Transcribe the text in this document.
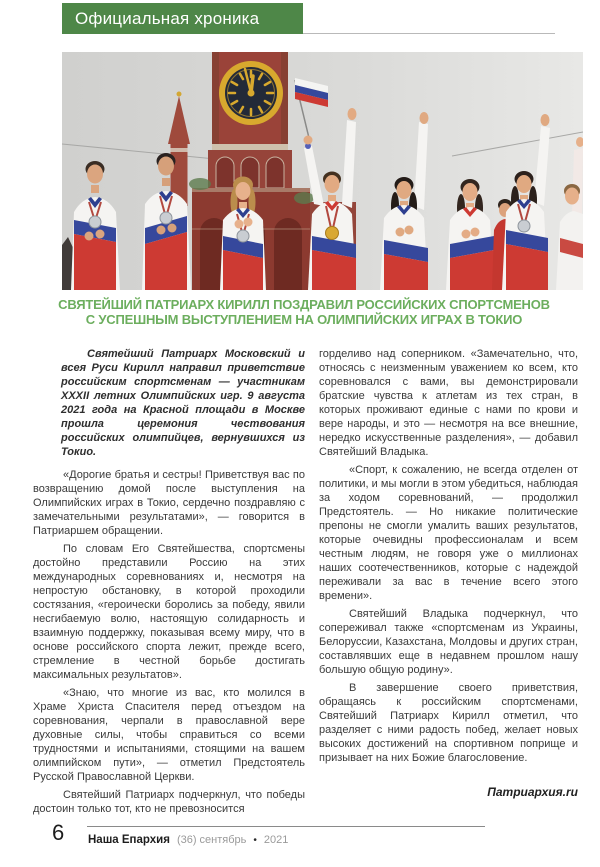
Официальная хроника
СВЯТЕЙШИЙ ПАТРИАРХ КИРИЛЛ ПОЗДРАВИЛ РОССИЙСКИХ СПОРТСМЕНОВ
С УСПЕШНЫМ ВЫСТУПЛЕНИЕМ НА ОЛИМПИЙСКИХ ИГРАХ В ТОКИО

Святейший Патриарх Московский и всея Руси Кирилл направил приветствие российским спортсменам — участникам XXXII летних Олимпийских игр. 9 августа 2021 года на Красной площади в Москве прошла церемония чествования российских олимпийцев, вернувшихся из Токио.

«Дорогие братья и сестры! Приветствуя вас по возвращению домой после выступления на Олимпийских играх в Токио, сердечно поздравляю с замечательными результатами», — говорится в Патриаршем обращении.

По словам Его Святейшества, спортсмены достойно представили Россию на этих международных соревнованиях и, несмотря на непростую обстановку, в которой проходили состязания, «героически боролись за победу, явили несгибаемую волю, настоящую солидарность и взаимную поддержку, показывая всему миру, что в основе российского спорта лежит, прежде всего, стремление в честной борьбе достигать максимальных результатов».

«Знаю, что многие из вас, кто молился в Храме Христа Спасителя перед отъездом на соревнования, черпали в православной вере духовные силы, чтобы справиться со всеми трудностями и испытаниями, стоящими на вашем олимпийском пути», — отметил Предстоятель Русской Православной Церкви.

Святейший Патриарх подчеркнул, что победы достоин только тот, кто не превозносится

горделиво над соперником. «Замечательно, что, относясь с неизменным уважением ко всем, кто соревновался с вами, вы демонстрировали братские чувства к атлетам из тех стран, в которых проживают единые с нами по крови и вере народы, и это — несмотря на все внешние, нередко искусственные разделения», — добавил Святейший Владыка.

«Спорт, к сожалению, не всегда отделен от политики, и мы могли в этом убедиться, наблюдая за ходом соревнований, — продолжил Предстоятель. — Но никакие политические препоны не смогли умалить ваших результатов, которые очевидны профессионалам и всем честным людям, не говоря уже о миллионах наших соотечественников, которые с надеждой переживали за вас в течение всего этого времени».

Святейший Владыка подчеркнул, что сопереживал также «спортсменам из Украины, Белоруссии, Казахстана, Молдовы и других стран, составлявших еще в недавнем прошлом нашу большую общую родину».

В завершение своего приветствия, обращаясь к российским спортсменами, Святейший Патриарх Кирилл отметил, что разделяет с ними радость побед, желает новых высоких достижений на спортивном поприще и призывает на них Божие благословение.

Патриархия.ru
6 Наша Епархия (36) сентябрь • 2021
